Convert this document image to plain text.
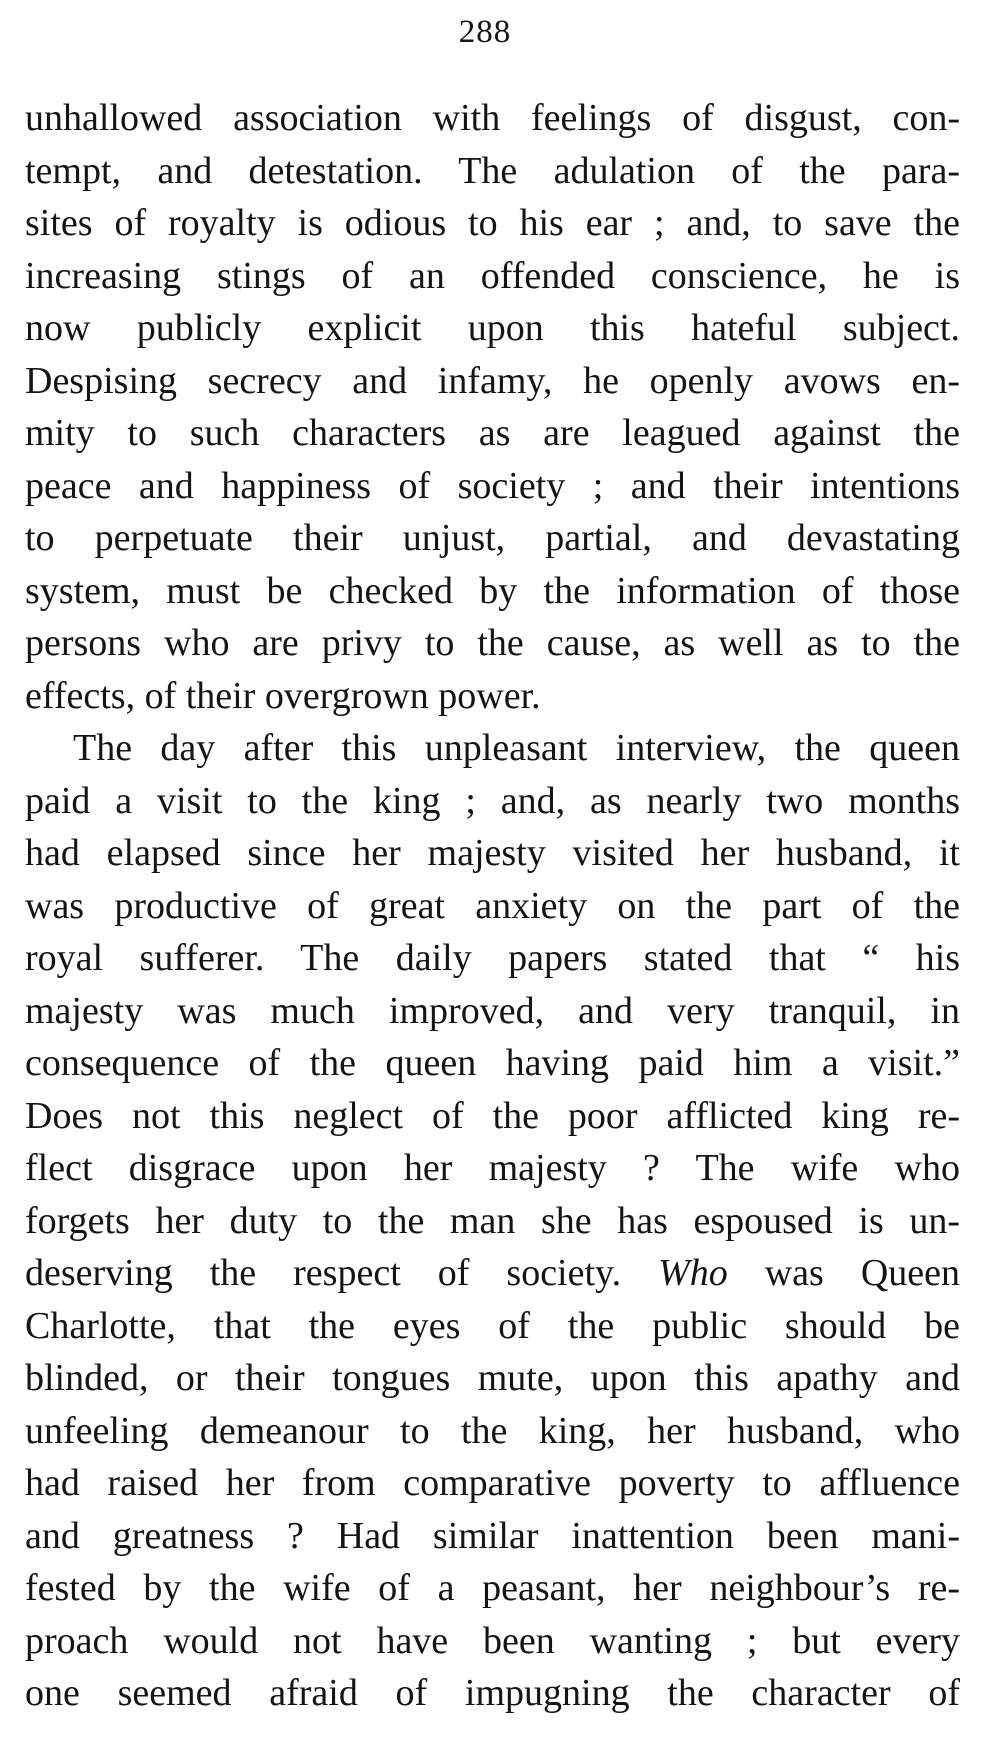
288
unhallowed association with feelings of disgust, con-
tempt, and detestation. The adulation of the para-
sites of royalty is odious to his ear ; and, to save the
increasing stings of an offended conscience, he is
now publicly explicit upon this hateful subject.
Despising secrecy and infamy, he openly avows en-
mity to such characters as are leagued against the
peace and happiness of society ; and their intentions
to perpetuate their unjust, partial, and devastating
system, must be checked by the information of those
persons who are privy to the cause, as well as to the
effects, of their overgrown power.
The day after this unpleasant interview, the queen
paid a visit to the king ; and, as nearly two months
had elapsed since her majesty visited her husband, it
was productive of great anxiety on the part of the
royal sufferer. The daily papers stated that “ his
majesty was much improved, and very tranquil, in
consequence of the queen having paid him a visit.”
Does not this neglect of the poor afflicted king re-
flect disgrace upon her majesty ? The wife who
forgets her duty to the man she has espoused is un-
deserving the respect of society. Who was Queen
Charlotte, that the eyes of the public should be
blinded, or their tongues mute, upon this apathy and
unfeeling demeanour to the king, her husband, who
had raised her from comparative poverty to affluence
and greatness ? Had similar inattention been mani-
fested by the wife of a peasant, her neighbour’s re-
proach would not have been wanting ; but every
one seemed afraid of impugning the character of
